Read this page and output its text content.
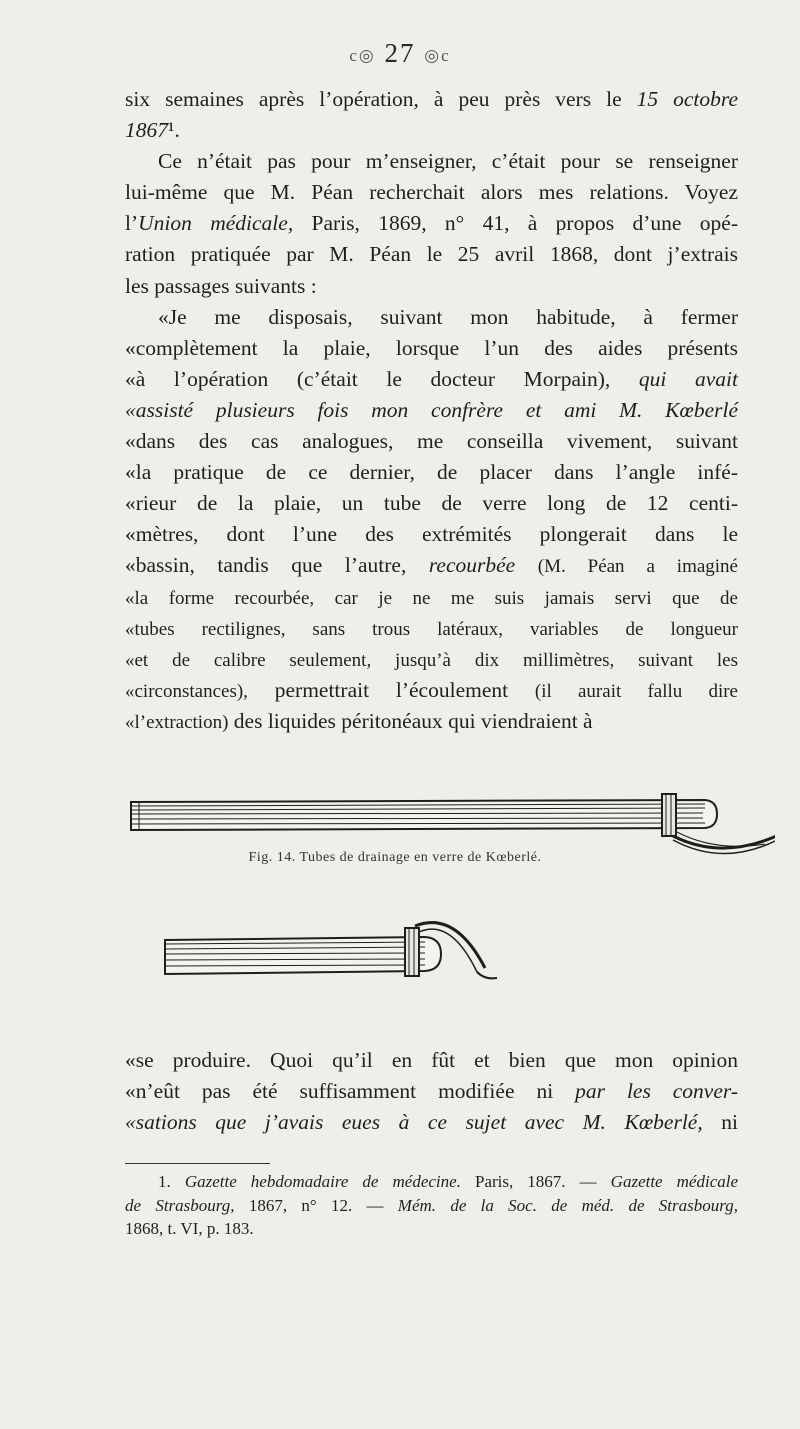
c◎ 27 ◎c
six semaines après l’opération, à peu près vers le 15 octobre
1867¹.
Ce n’était pas pour m’enseigner, c’était pour se renseigner
lui-même que M. Péan recherchait alors mes relations. Voyez
l’Union médicale, Paris, 1869, n° 41, à propos d’une opé-
ration pratiquée par M. Péan le 25 avril 1868, dont j’extrais
les passages suivants :
«Je me disposais, suivant mon habitude, à fermer
«complètement la plaie, lorsque l’un des aides présents
«à l’opération (c’était le docteur Morpain), qui avait
«assisté plusieurs fois mon confrère et ami M. Kœberlé
«dans des cas analogues, me conseilla vivement, suivant
«la pratique de ce dernier, de placer dans l’angle infé-
«rieur de la plaie, un tube de verre long de 12 centi-
«mètres, dont l’une des extrémités plongerait dans le
«bassin, tandis que l’autre, recourbée (M. Péan a imaginé
«la forme recourbée, car je ne me suis jamais servi que de
«tubes rectilignes, sans trous latéraux, variables de longueur
«et de calibre seulement, jusqu’à dix millimètres, suivant les
«circonstances), permettrait l’écoulement (il aurait fallu dire
«l’extraction) des liquides péritonéaux qui viendraient à
Fig. 14. Tubes de drainage en verre de Kœberlé.
«se produire. Quoi qu’il en fût et bien que mon opinion
«n’eût pas été suffisamment modifiée ni par les conver-
«sations que j’avais eues à ce sujet avec M. Kœberlé, ni
1. Gazette hebdomadaire de médecine. Paris, 1867. — Gazette médicale
de Strasbourg, 1867, n° 12. — Mém. de la Soc. de méd. de Strasbourg,
1868, t. VI, p. 183.
